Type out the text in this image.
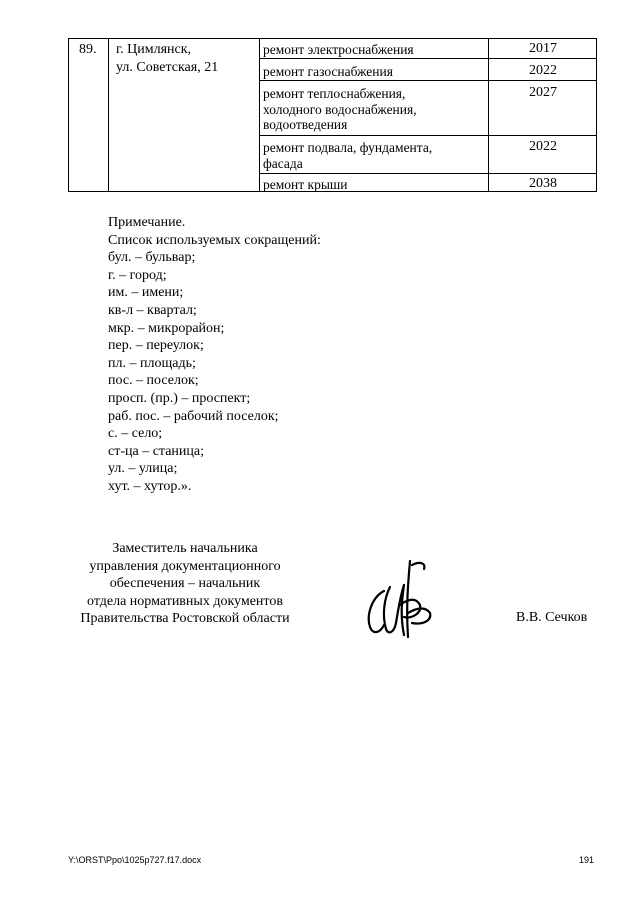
89. г. Цимлянск,
ул. Советская, 21
ремонт электроснабжения	2017
ремонт газоснабжения	2022
ремонт теплоснабжения,
холодного водоснабжения,
водоотведения
2027
ремонт подвала, фундамента,
фасада
2022
ремонт крыши	2038
Примечание.
Список используемых сокращений:
бул. – бульвар;
г. – город;
им. – имени;
кв-л – квартал;
мкр. – микрорайон;
пер. – переулок;
пл. – площадь;
пос. – поселок;
просп. (пр.) – проспект;
раб. пос. – рабочий поселок;
с. – село;
ст-ца – станица;
ул. – улица;
хут. – хутор.».
Заместитель начальника
управления документационного
обеспечения – начальник
отдела нормативных документов
Правительства Ростовской области	В.В. Сечков
Y:\ORST\Ppo\1025p727.f17.docx	191
